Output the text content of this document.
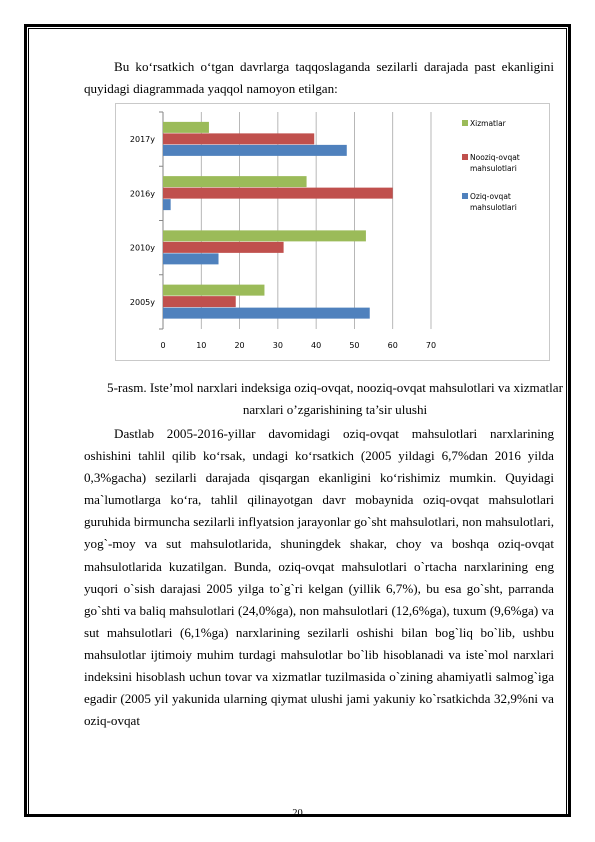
Bu ko‘rsatkich o‘tgan davrlarga taqqoslaganda sezilarli darajada past ekanligini quyidagi diagrammada yaqqol namoyon etilgan:
0	10	20	30	40	50	60	70
2005y
2010y
2016y
2017y
Xizmatlar
Nooziq-ovqat
mahsulotlari
Oziq-ovqat
mahsulotlari
5-rasm. Iste’mol narxlari indeksiga oziq-ovqat, nooziq-ovqat mahsulotlari va xizmatlar narxlari o’zgarishining ta’sir ulushi
Dastlab 2005-2016-yillar davomidagi oziq-ovqat mahsulotlari narxlarining oshishini tahlil qilib ko‘rsak, undagi ko‘rsatkich (2005 yildagi 6,7%dan 2016 yilda 0,3%gacha) sezilarli darajada qisqargan ekanligini ko‘rishimiz mumkin. Quyidagi ma`lumotlarga ko‘ra, tahlil qilinayotgan davr mobaynida oziq-ovqat mahsulotlari guruhida birmuncha sezilarli inflyatsion jarayonlar go`sht mahsulotlari, non mahsulotlari, yog`-moy va sut mahsulotlarida, shuningdek shakar, choy va boshqa oziq-ovqat mahsulotlarida kuzatilgan. Bunda, oziq-ovqat mahsulotlari o`rtacha narxlarining eng yuqori o`sish darajasi 2005 yilga to`g`ri kelgan (yillik 6,7%), bu esa go`sht, parranda go`shti va baliq mahsulotlari (24,0%ga), non mahsulotlari (12,6%ga), tuxum (9,6%ga) va sut mahsulotlari (6,1%ga) narxlarining sezilarli oshishi bilan bog`liq bo`lib, ushbu mahsulotlar ijtimoiy muhim turdagi mahsulotlar bo`lib hisoblanadi va iste`mol narxlari indeksini hisoblash uchun tovar va xizmatlar tuzilmasida o`zining ahamiyatli salmog`iga egadir (2005 yil yakunida ularning qiymat ulushi jami yakuniy ko`rsatkichda 32,9%ni va oziq-ovqat
20
